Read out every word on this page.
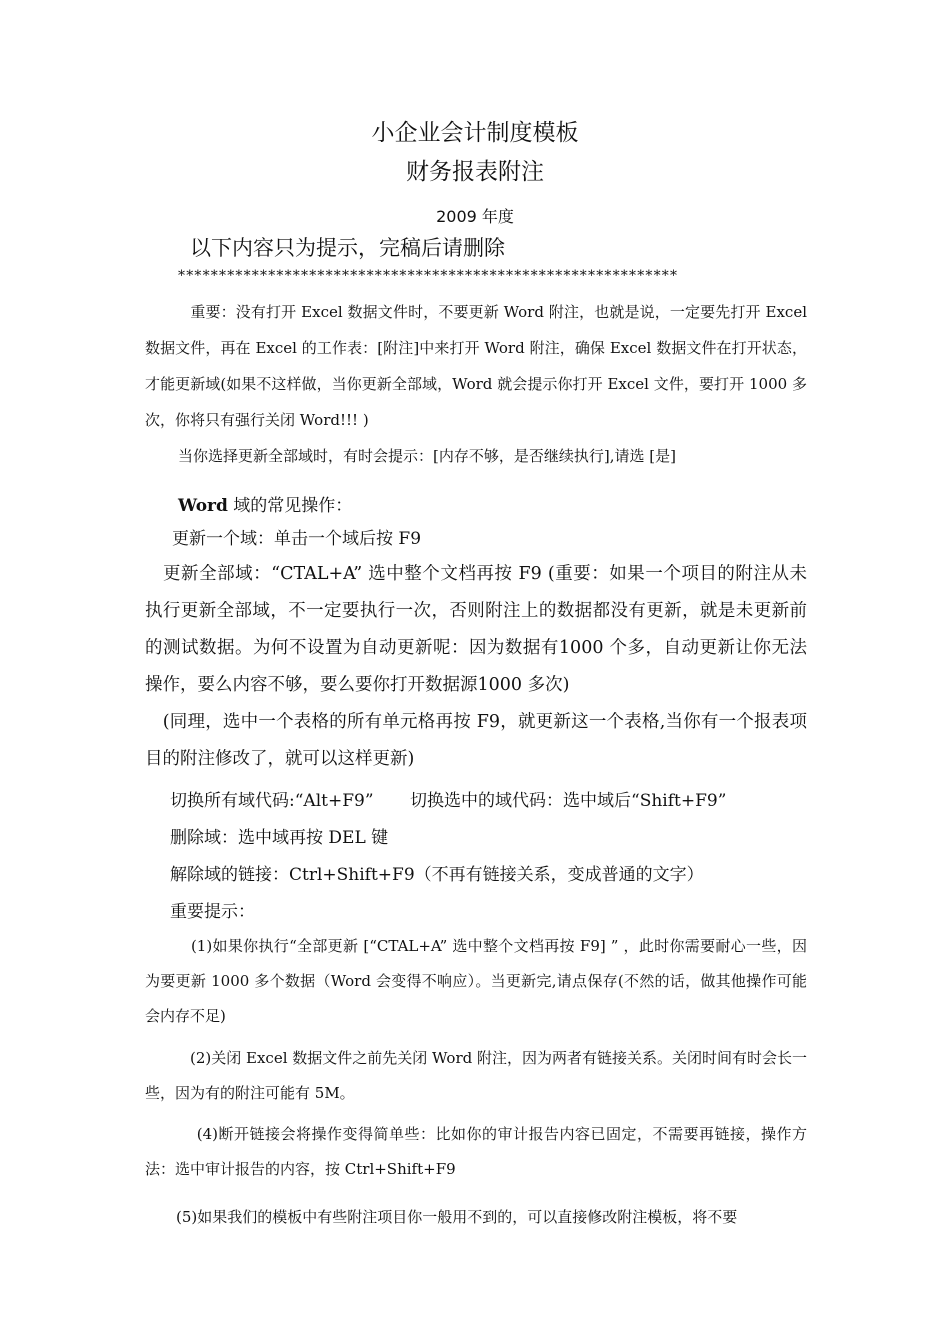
小企业会计制度模板
财务报表附注
2009 年度
以下内容只为提示，完稿后请删除
*************************************************************

　　　重要：没有打开 Excel 数据文件时，不要更新 Word 附注，也就是说，一定要先打开 Excel 数据文件，再在 Excel 的工作表：[附注]中来打开 Word 附注，确保 Excel 数据文件在打开状态，才能更新域(如果不这样做，当你更新全部域，Word 就会提示你打开 Excel 文件，要打开 1000 多次，你将只有强行关闭 Word!!! )

当你选择更新全部域时，有时会提示：[内存不够，是否继续执行],请选 [是]
Word 域的常见操作：
更新一个域：单击一个域后按 F9

　更新全部域：“CTAL+A” 选中整个文档再按 F9 (重要：如果一个项目的附注从未执行更新全部域，不一定要执行一次，否则附注上的数据都没有更新，就是未更新前的测试数据。为何不设置为自动更新呢：因为数据有1000 个多，自动更新让你无法操作，要么内容不够，要么要你打开数据源1000 多次)

　(同理，选中一个表格的所有单元格再按 F9，就更新这一个表格,当你有一个报表项目的附注修改了，就可以这样更新)

切换所有域代码:“Alt+F9” 切换选中的域代码：选中域后“Shift+F9”
删除域：选中域再按 DEL 键
解除域的链接：Ctrl+Shift+F9（不再有链接关系，变成普通的文字）
重要提示：

　　　(1)如果你执行“全部更新 [“CTAL+A” 选中整个文档再按 F9] ” ，此时你需要耐心一些，因为要更新 1000 多个数据（Word 会变得不响应）。当更新完,请点保存(不然的话，做其他操作可能会内存不足)

　　　(2)关闭 Excel 数据文件之前先关闭 Word 附注，因为两者有链接关系。关闭时间有时会长一些，因为有的附注可能有 5M。

　　　 (4)断开链接会将操作变得简单些：比如你的审计报告内容已固定，不需要再链接，操作方法：选中审计报告的内容，按 Ctrl+Shift+F9

(5)如果我们的模板中有些附注项目你一般用不到的，可以直接修改附注模板，将不要
